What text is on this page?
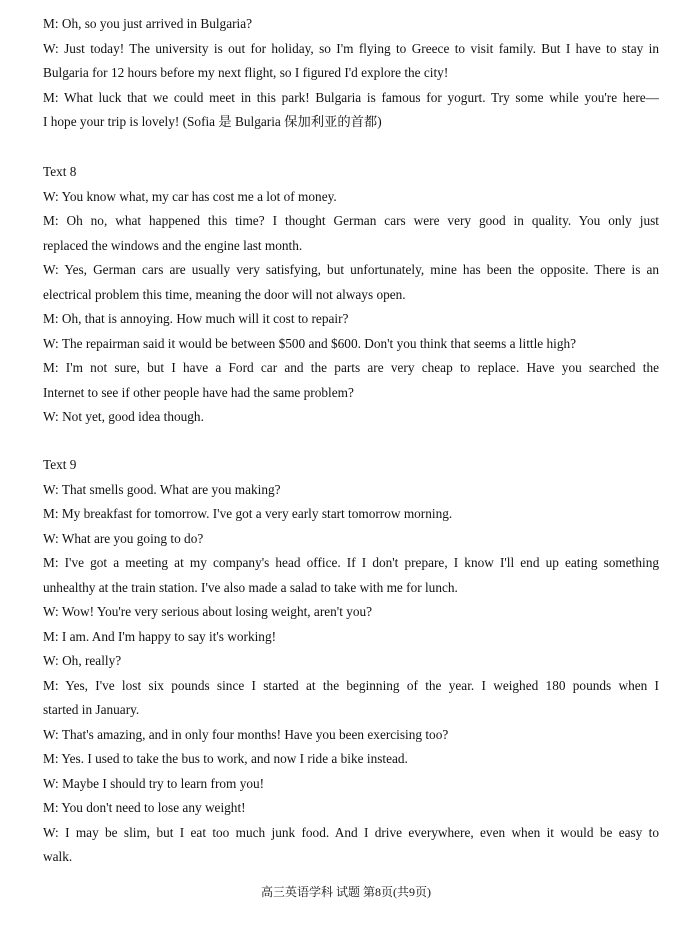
M: Oh, so you just arrived in Bulgaria?
W: Just today! The university is out for holiday, so I'm flying to Greece to visit family. But I have to stay in
Bulgaria for 12 hours before my next flight, so I figured I'd explore the city!
M: What luck that we could meet in this park! Bulgaria is famous for yogurt. Try some while you're here—
I hope your trip is lovely! (Sofia 是 Bulgaria 保加利亚的首都)
Text 8
W: You know what, my car has cost me a lot of money.
M: Oh no, what happened this time? I thought German cars were very good in quality. You only just
replaced the windows and the engine last month.
W: Yes, German cars are usually very satisfying, but unfortunately, mine has been the opposite. There is an
electrical problem this time, meaning the door will not always open.
M: Oh, that is annoying. How much will it cost to repair?
W: The repairman said it would be between $500 and $600. Don't you think that seems a little high?
M: I'm not sure, but I have a Ford car and the parts are very cheap to replace. Have you searched the
Internet to see if other people have had the same problem?
W: Not yet, good idea though.
Text 9
W: That smells good. What are you making?
M: My breakfast for tomorrow. I've got a very early start tomorrow morning.
W: What are you going to do?
M: I've got a meeting at my company's head office. If I don't prepare, I know I'll end up eating something
unhealthy at the train station. I've also made a salad to take with me for lunch.
W: Wow! You're very serious about losing weight, aren't you?
M: I am. And I'm happy to say it's working!
W: Oh, really?
M: Yes, I've lost six pounds since I started at the beginning of the year. I weighed 180 pounds when I
started in January.
W: That's amazing, and in only four months! Have you been exercising too?
M: Yes. I used to take the bus to work, and now I ride a bike instead.
W: Maybe I should try to learn from you!
M: You don't need to lose any weight!
W: I may be slim, but I eat too much junk food. And I drive everywhere, even when it would be easy to
walk.
高三英语学科 试题 第8页(共9页)
